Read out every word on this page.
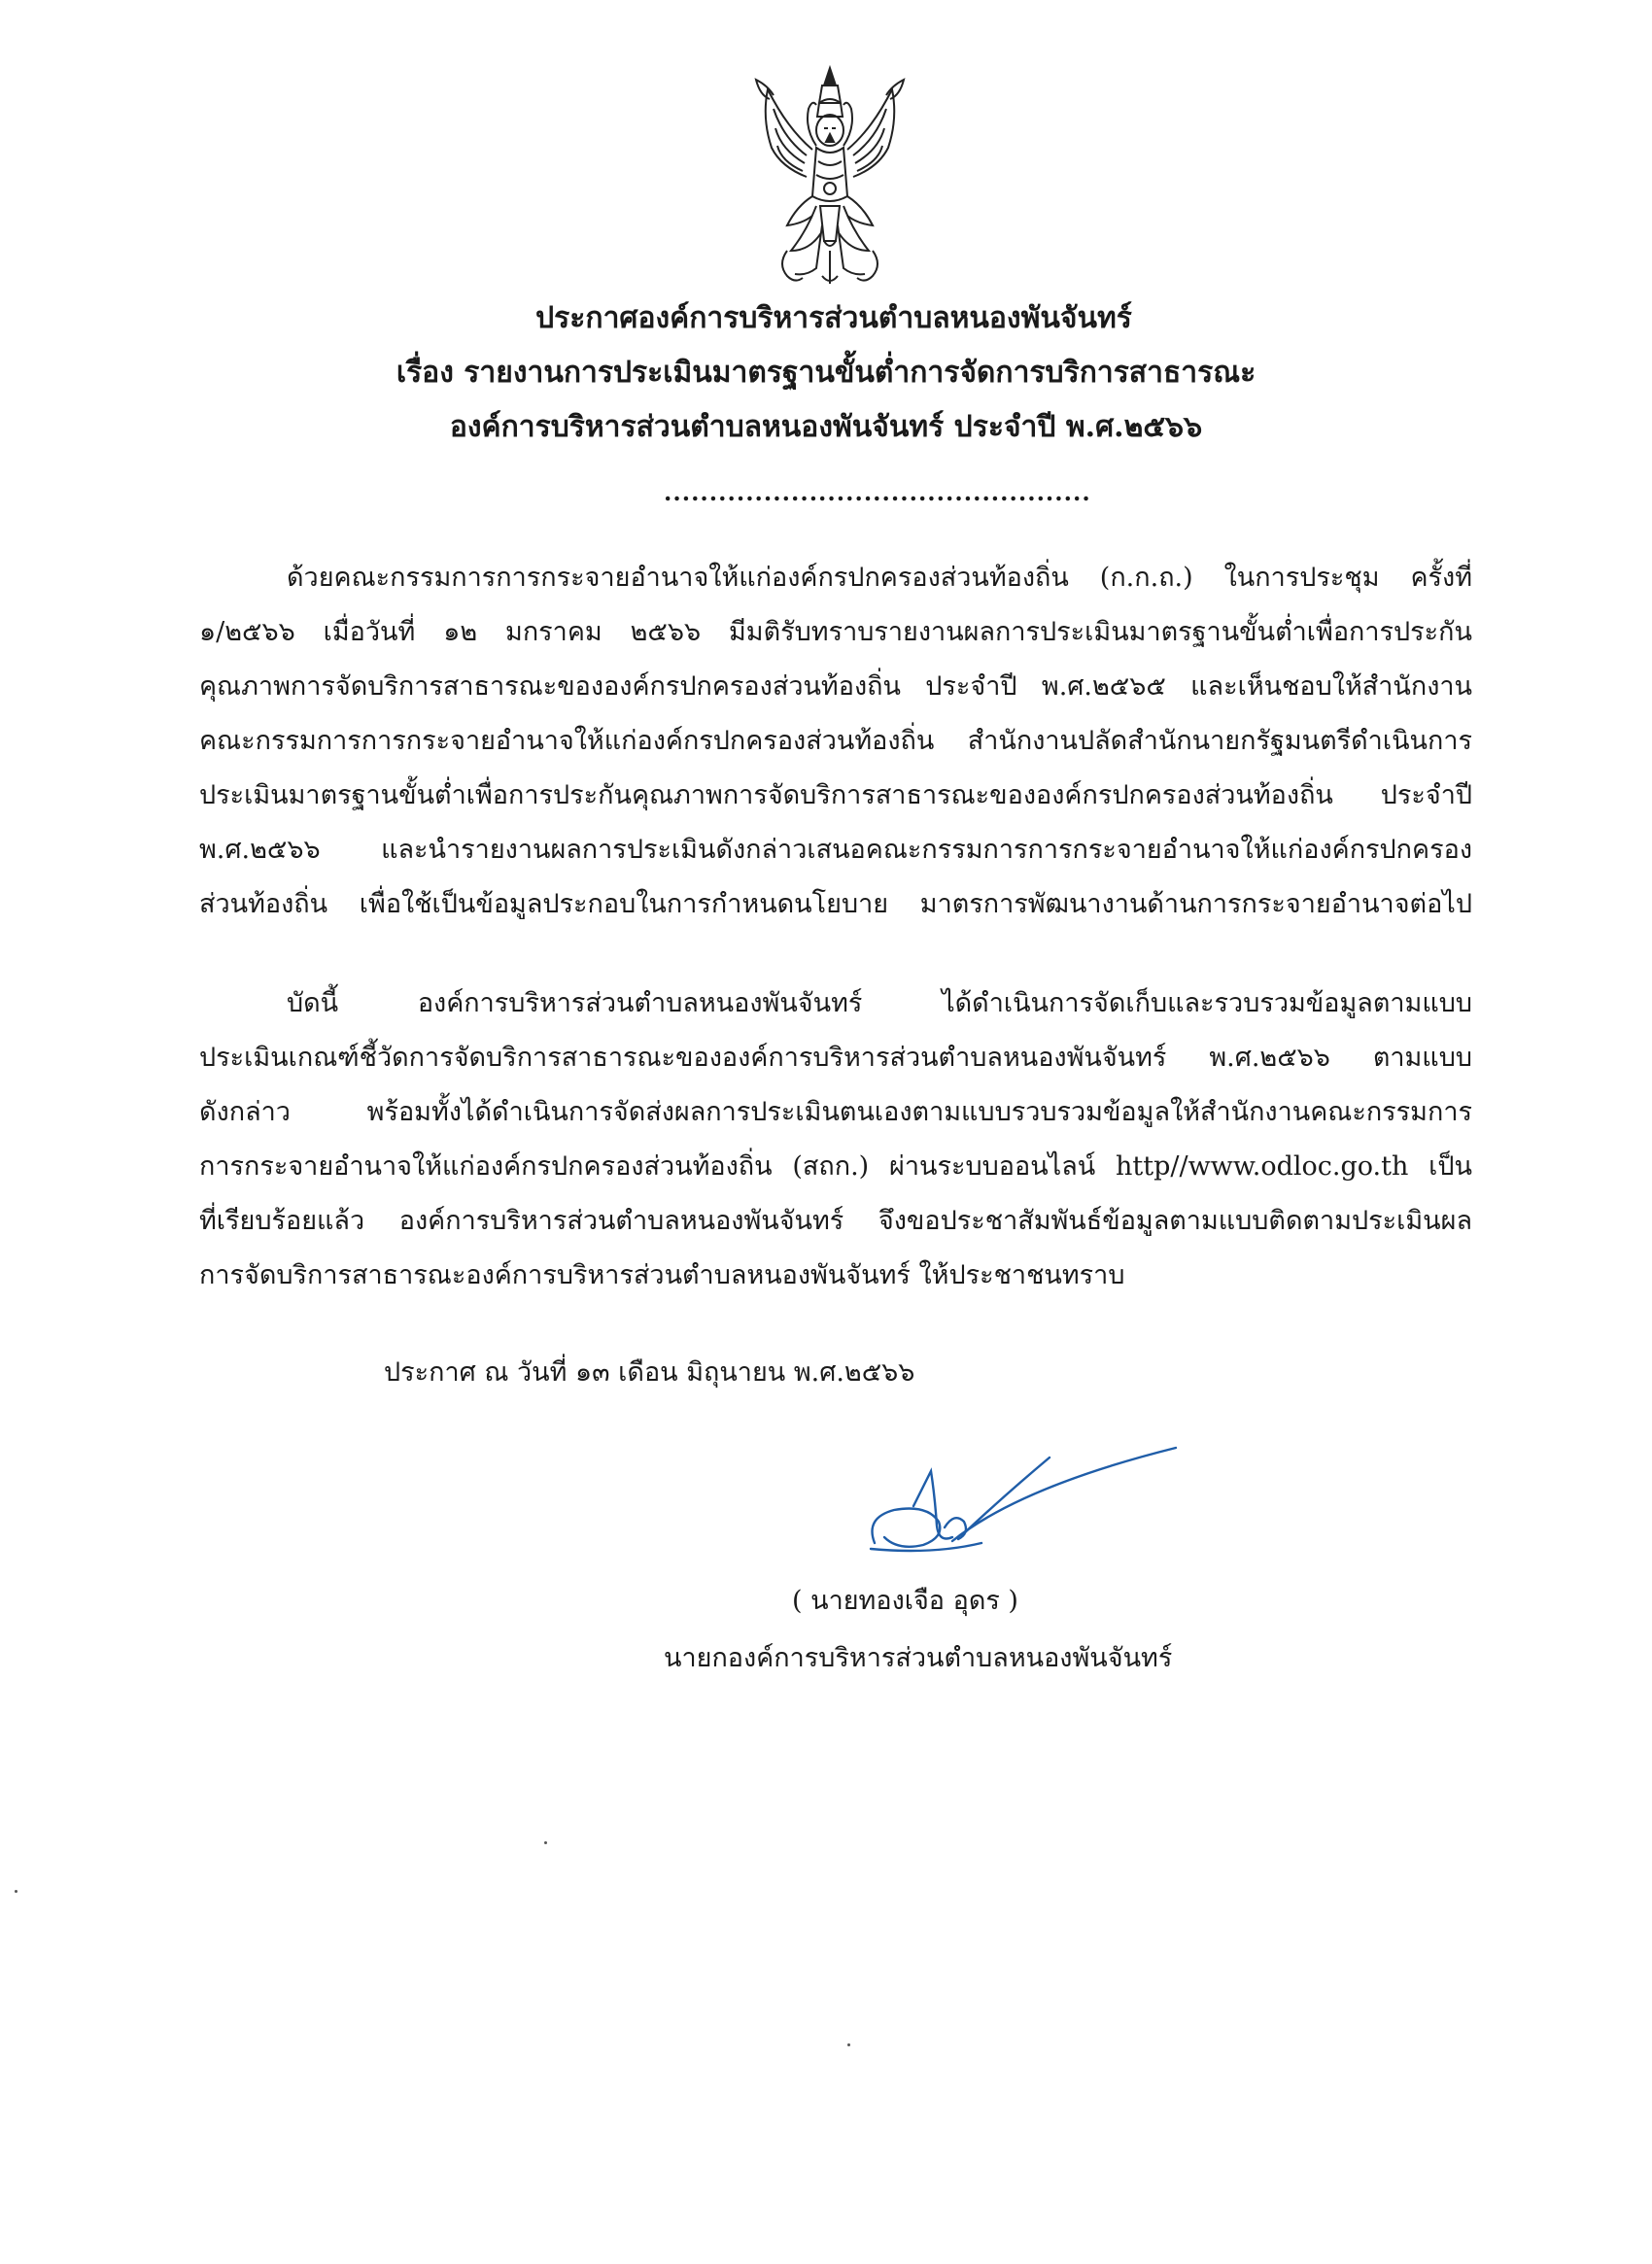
ประกาศองค์การบริหารส่วนตำบลหนองพันจันทร์
เรื่อง รายงานการประเมินมาตรฐานขั้นต่ำการจัดการบริการสาธารณะ
องค์การบริหารส่วนตำบลหนองพันจันทร์ ประจำปี พ.ศ.๒๕๖๖
...............................................
ด้วยคณะกรรมการการกระจายอำนาจให้แก่องค์กรปกครองส่วนท้องถิ่น (ก.ก.ถ.) ในการประชุม ครั้งที่
๑/๒๕๖๖ เมื่อวันที่ ๑๒ มกราคม ๒๕๖๖ มีมติรับทราบรายงานผลการประเมินมาตรฐานขั้นต่ำเพื่อการประกัน
คุณภาพการจัดบริการสาธารณะขององค์กรปกครองส่วนท้องถิ่น ประจำปี พ.ศ.๒๕๖๕ และเห็นชอบให้สำนักงาน
คณะกรรมการการกระจายอำนาจให้แก่องค์กรปกครองส่วนท้องถิ่น สำนักงานปลัดสำนักนายกรัฐมนตรีดำเนินการ
ประเมินมาตรฐานขั้นต่ำเพื่อการประกันคุณภาพการจัดบริการสาธารณะขององค์กรปกครองส่วนท้องถิ่น ประจำปี
พ.ศ.๒๕๖๖ และนำรายงานผลการประเมินดังกล่าวเสนอคณะกรรมการการกระจายอำนาจให้แก่องค์กรปกครอง
ส่วนท้องถิ่น เพื่อใช้เป็นข้อมูลประกอบในการกำหนดนโยบาย มาตรการพัฒนางานด้านการกระจายอำนาจต่อไป
บัดนี้ องค์การบริหารส่วนตำบลหนองพันจันทร์ ได้ดำเนินการจัดเก็บและรวบรวมข้อมูลตามแบบ
ประเมินเกณฑ์ชี้วัดการจัดบริการสาธารณะขององค์การบริหารส่วนตำบลหนองพันจันทร์ พ.ศ.๒๕๖๖ ตามแบบ
ดังกล่าว พร้อมทั้งได้ดำเนินการจัดส่งผลการประเมินตนเองตามแบบรวบรวมข้อมูลให้สำนักงานคณะกรรมการ
การกระจายอำนาจให้แก่องค์กรปกครองส่วนท้องถิ่น (สถก.) ผ่านระบบออนไลน์ http//www.odloc.go.th เป็น
ที่เรียบร้อยแล้ว องค์การบริหารส่วนตำบลหนองพันจันทร์ จึงขอประชาสัมพันธ์ข้อมูลตามแบบติดตามประเมินผล
การจัดบริการสาธารณะองค์การบริหารส่วนตำบลหนองพันจันทร์ ให้ประชาชนทราบ
ประกาศ ณ วันที่ ๑๓ เดือน มิถุนายน พ.ศ.๒๕๖๖
( นายทองเจือ อุดร )
นายกองค์การบริหารส่วนตำบลหนองพันจันทร์
